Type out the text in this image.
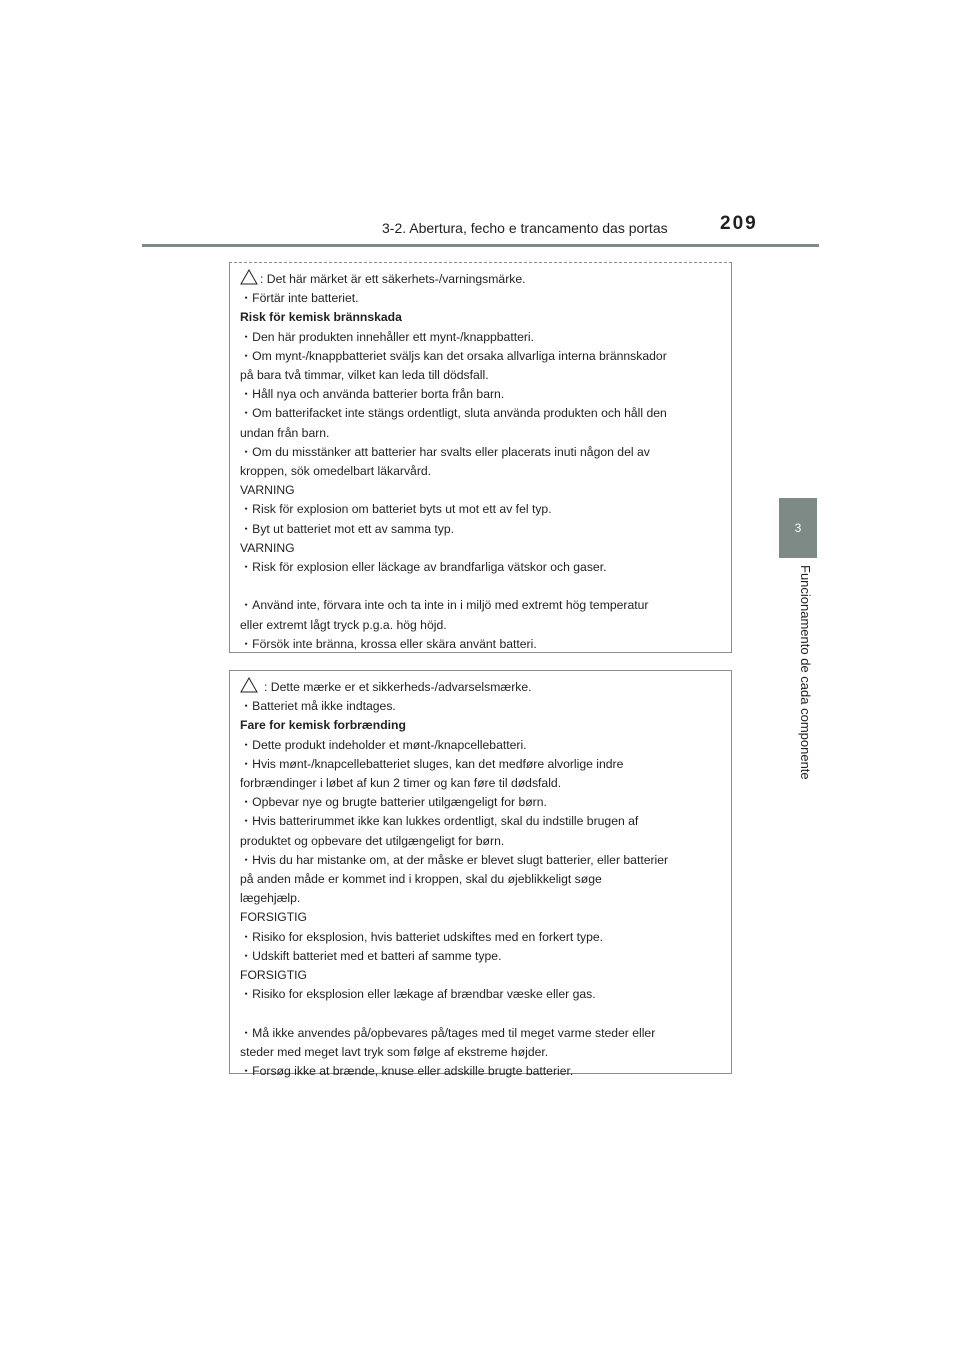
3-2. Abertura, fecho e trancamento das portas	209
3
Funcionamento de cada componente

: Det här märket är ett säkerhets-/varningsmärke.

・Förtär inte batteriet.

Risk för kemisk brännskada

・Den här produkten innehåller ett mynt-/knappbatteri.

・Om mynt-/knappbatteriet sväljs kan det orsaka allvarliga interna brännskador

på bara två timmar, vilket kan leda till dödsfall.

・Håll nya och använda batterier borta från barn.

・Om batterifacket inte stängs ordentligt, sluta använda produkten och håll den

undan från barn.

・Om du misstänker att batterier har svalts eller placerats inuti någon del av

kroppen, sök omedelbart läkarvård.

VARNING

・Risk för explosion om batteriet byts ut mot ett av fel typ.

・Byt ut batteriet mot ett av samma typ.

VARNING

・Risk för explosion eller läckage av brandfarliga vätskor och gaser.

・Använd inte, förvara inte och ta inte in i miljö med extremt hög temperatur

eller extremt lågt tryck p.g.a. hög höjd.

・Försök inte bränna, krossa eller skära använt batteri.

: Dette mærke er et sikkerheds-/advarselsmærke.

・Batteriet må ikke indtages.

Fare for kemisk forbrænding

・Dette produkt indeholder et mønt-/knapcellebatteri.

・Hvis mønt-/knapcellebatteriet sluges, kan det medføre alvorlige indre

forbrændinger i løbet af kun 2 timer og kan føre til dødsfald.

・Opbevar nye og brugte batterier utilgængeligt for børn.

・Hvis batterirummet ikke kan lukkes ordentligt, skal du indstille brugen af

produktet og opbevare det utilgængeligt for børn.

・Hvis du har mistanke om, at der måske er blevet slugt batterier, eller batterier

på anden måde er kommet ind i kroppen, skal du øjeblikkeligt søge

lægehjælp.

FORSIGTIG

・Risiko for eksplosion, hvis batteriet udskiftes med en forkert type.

・Udskift batteriet med et batteri af samme type.

FORSIGTIG

・Risiko for eksplosion eller lækage af brændbar væske eller gas.

・Må ikke anvendes på/opbevares på/tages med til meget varme steder eller

steder med meget lavt tryk som følge af ekstreme højder.

・Forsøg ikke at brænde, knuse eller adskille brugte batterier.
